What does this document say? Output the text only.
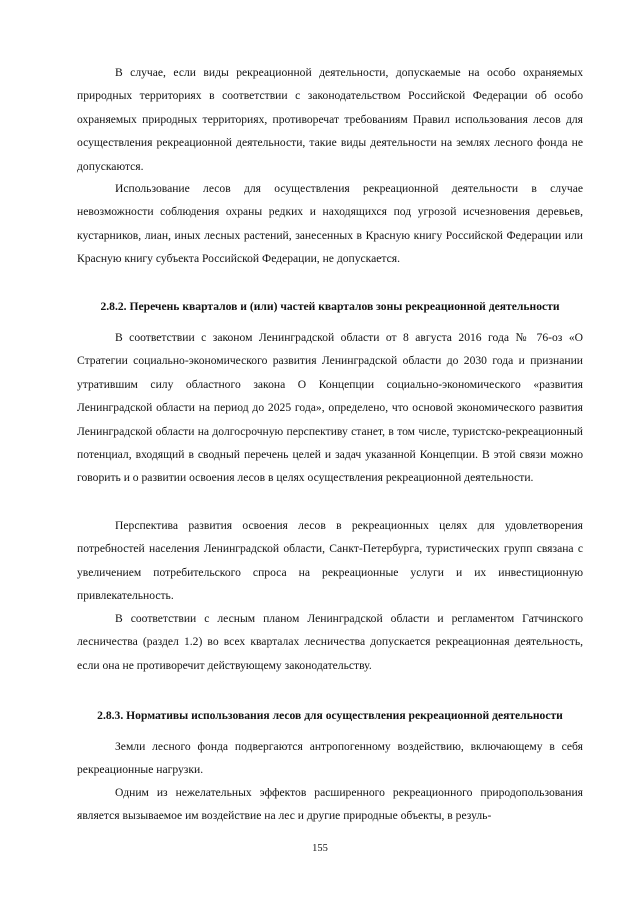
В случае, если виды рекреационной деятельности, допускаемые на особо охраняемых природных территориях в соответствии с законодательством Российской Федерации об особо охраняемых природных территориях, противоречат требованиям Правил использования лесов для осуществления рекреационной деятельности, такие виды деятельности на землях лесного фонда не допускаются.

Использование лесов для осуществления рекреационной деятельности в случае невозможности соблюдения охраны редких и находящихся под угрозой исчезновения деревьев, кустарников, лиан, иных лесных растений, занесенных в Красную книгу Российской Федерации или Красную книгу субъекта Российской Федерации, не допускается.

2.8.2. Перечень кварталов и (или) частей кварталов зоны рекреационной деятельности

В соответствии с законом Ленинградской области от 8 августа 2016 года № 76-оз «О Стратегии социально-экономического развития Ленинградской области до 2030 года и признании утратившим силу областного закона О Концепции социально-экономического «развития Ленинградской области на период до 2025 года», определено, что основой экономического развития Ленинградской области на долгосрочную перспективу станет, в том числе, туристско-рекреационный потенциал, входящий в сводный перечень целей и задач указанной Концепции. В этой связи можно говорить и о развитии освоения лесов в целях осуществления рекреационной деятельности.

Перспектива развития освоения лесов в рекреационных целях для удовлетворения потребностей населения Ленинградской области, Санкт-Петербурга, туристических групп связана с увеличением потребительского спроса на рекреационные услуги и их инвестиционную привлекательность.

В соответствии с лесным планом Ленинградской области и регламентом Гатчинского лесничества (раздел 1.2) во всех кварталах лесничества допускается рекреационная деятельность, если она не противоречит действующему законодательству.

2.8.3. Нормативы использования лесов для осуществления рекреационной деятельности

Земли лесного фонда подвергаются антропогенному воздействию, включающему в себя рекреационные нагрузки.

Одним из нежелательных эффектов расширенного рекреационного природопользования является вызываемое им воздействие на лес и другие природные объекты, в резуль-

155
